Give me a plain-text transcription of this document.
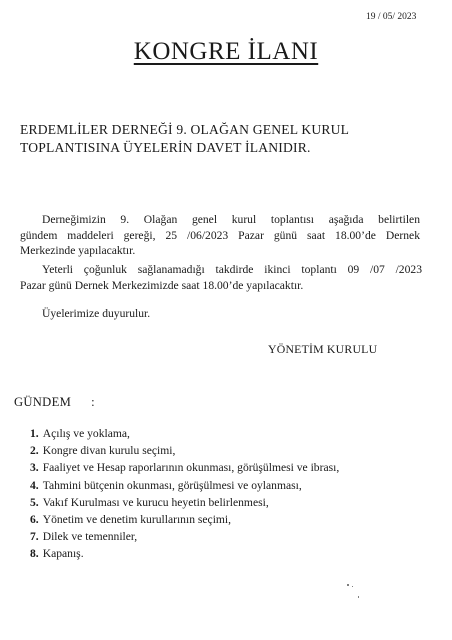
19 / 05/ 2023
KONGRE İLANI
ERDEMLİLER DERNEĞİ 9. OLAĞAN GENEL KURUL
TOPLANTISINA ÜYELERİN DAVET İLANIDIR.
Derneğimizin 9. Olağan genel kurul toplantısı aşağıda belirtilen
gündem maddeleri gereği, 25 /06/2023 Pazar günü saat 18.00’de Dernek
Merkezinde yapılacaktır.
Yeterli çoğunluk sağlanamadığı takdirde ikinci toplantı 09 /07 /2023
Pazar günü Dernek Merkezimizde saat 18.00’de yapılacaktır.
Üyelerimize duyurulur.
YÖNETİM KURULU
GÜNDEM :
1. Açılış ve yoklama,
2. Kongre divan kurulu seçimi,
3. Faaliyet ve Hesap raporlarının okunması, görüşülmesi ve ibrası,
4. Tahmini bütçenin okunması, görüşülmesi ve oylanması,
5. Vakıf Kurulması ve kurucu heyetin belirlenmesi,
6. Yönetim ve denetim kurullarının seçimi,
7. Dilek ve temenniler,
8. Kapanış.
